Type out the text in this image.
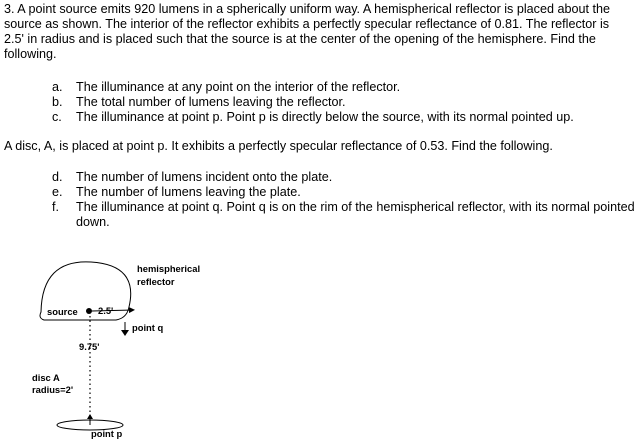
3. A point source emits 920 lumens in a spherically uniform way. A hemispherical reflector is placed about the source as shown. The interior of the reflector exhibits a perfectly specular reflectance of 0.81. The reflector is 2.5' in radius and is placed such that the source is at the center of the opening of the hemisphere. Find the following.

a. The illuminance at any point on the interior of the reflector.
b. The total number of lumens leaving the reflector.
c. The illuminance at point p. Point p is directly below the source, with its normal pointed up.

A disc, A, is placed at point p. It exhibits a perfectly specular reflectance of 0.53. Find the following.

d. The number of lumens incident onto the plate.
e. The number of lumens leaving the plate.
f. The illuminance at point q. Point q is on the rim of the hemispherical reflector, with its normal pointed down.
hemispherical
reflector
source 2.5'
point q
9.75'
disc A
radius=2'
point p
